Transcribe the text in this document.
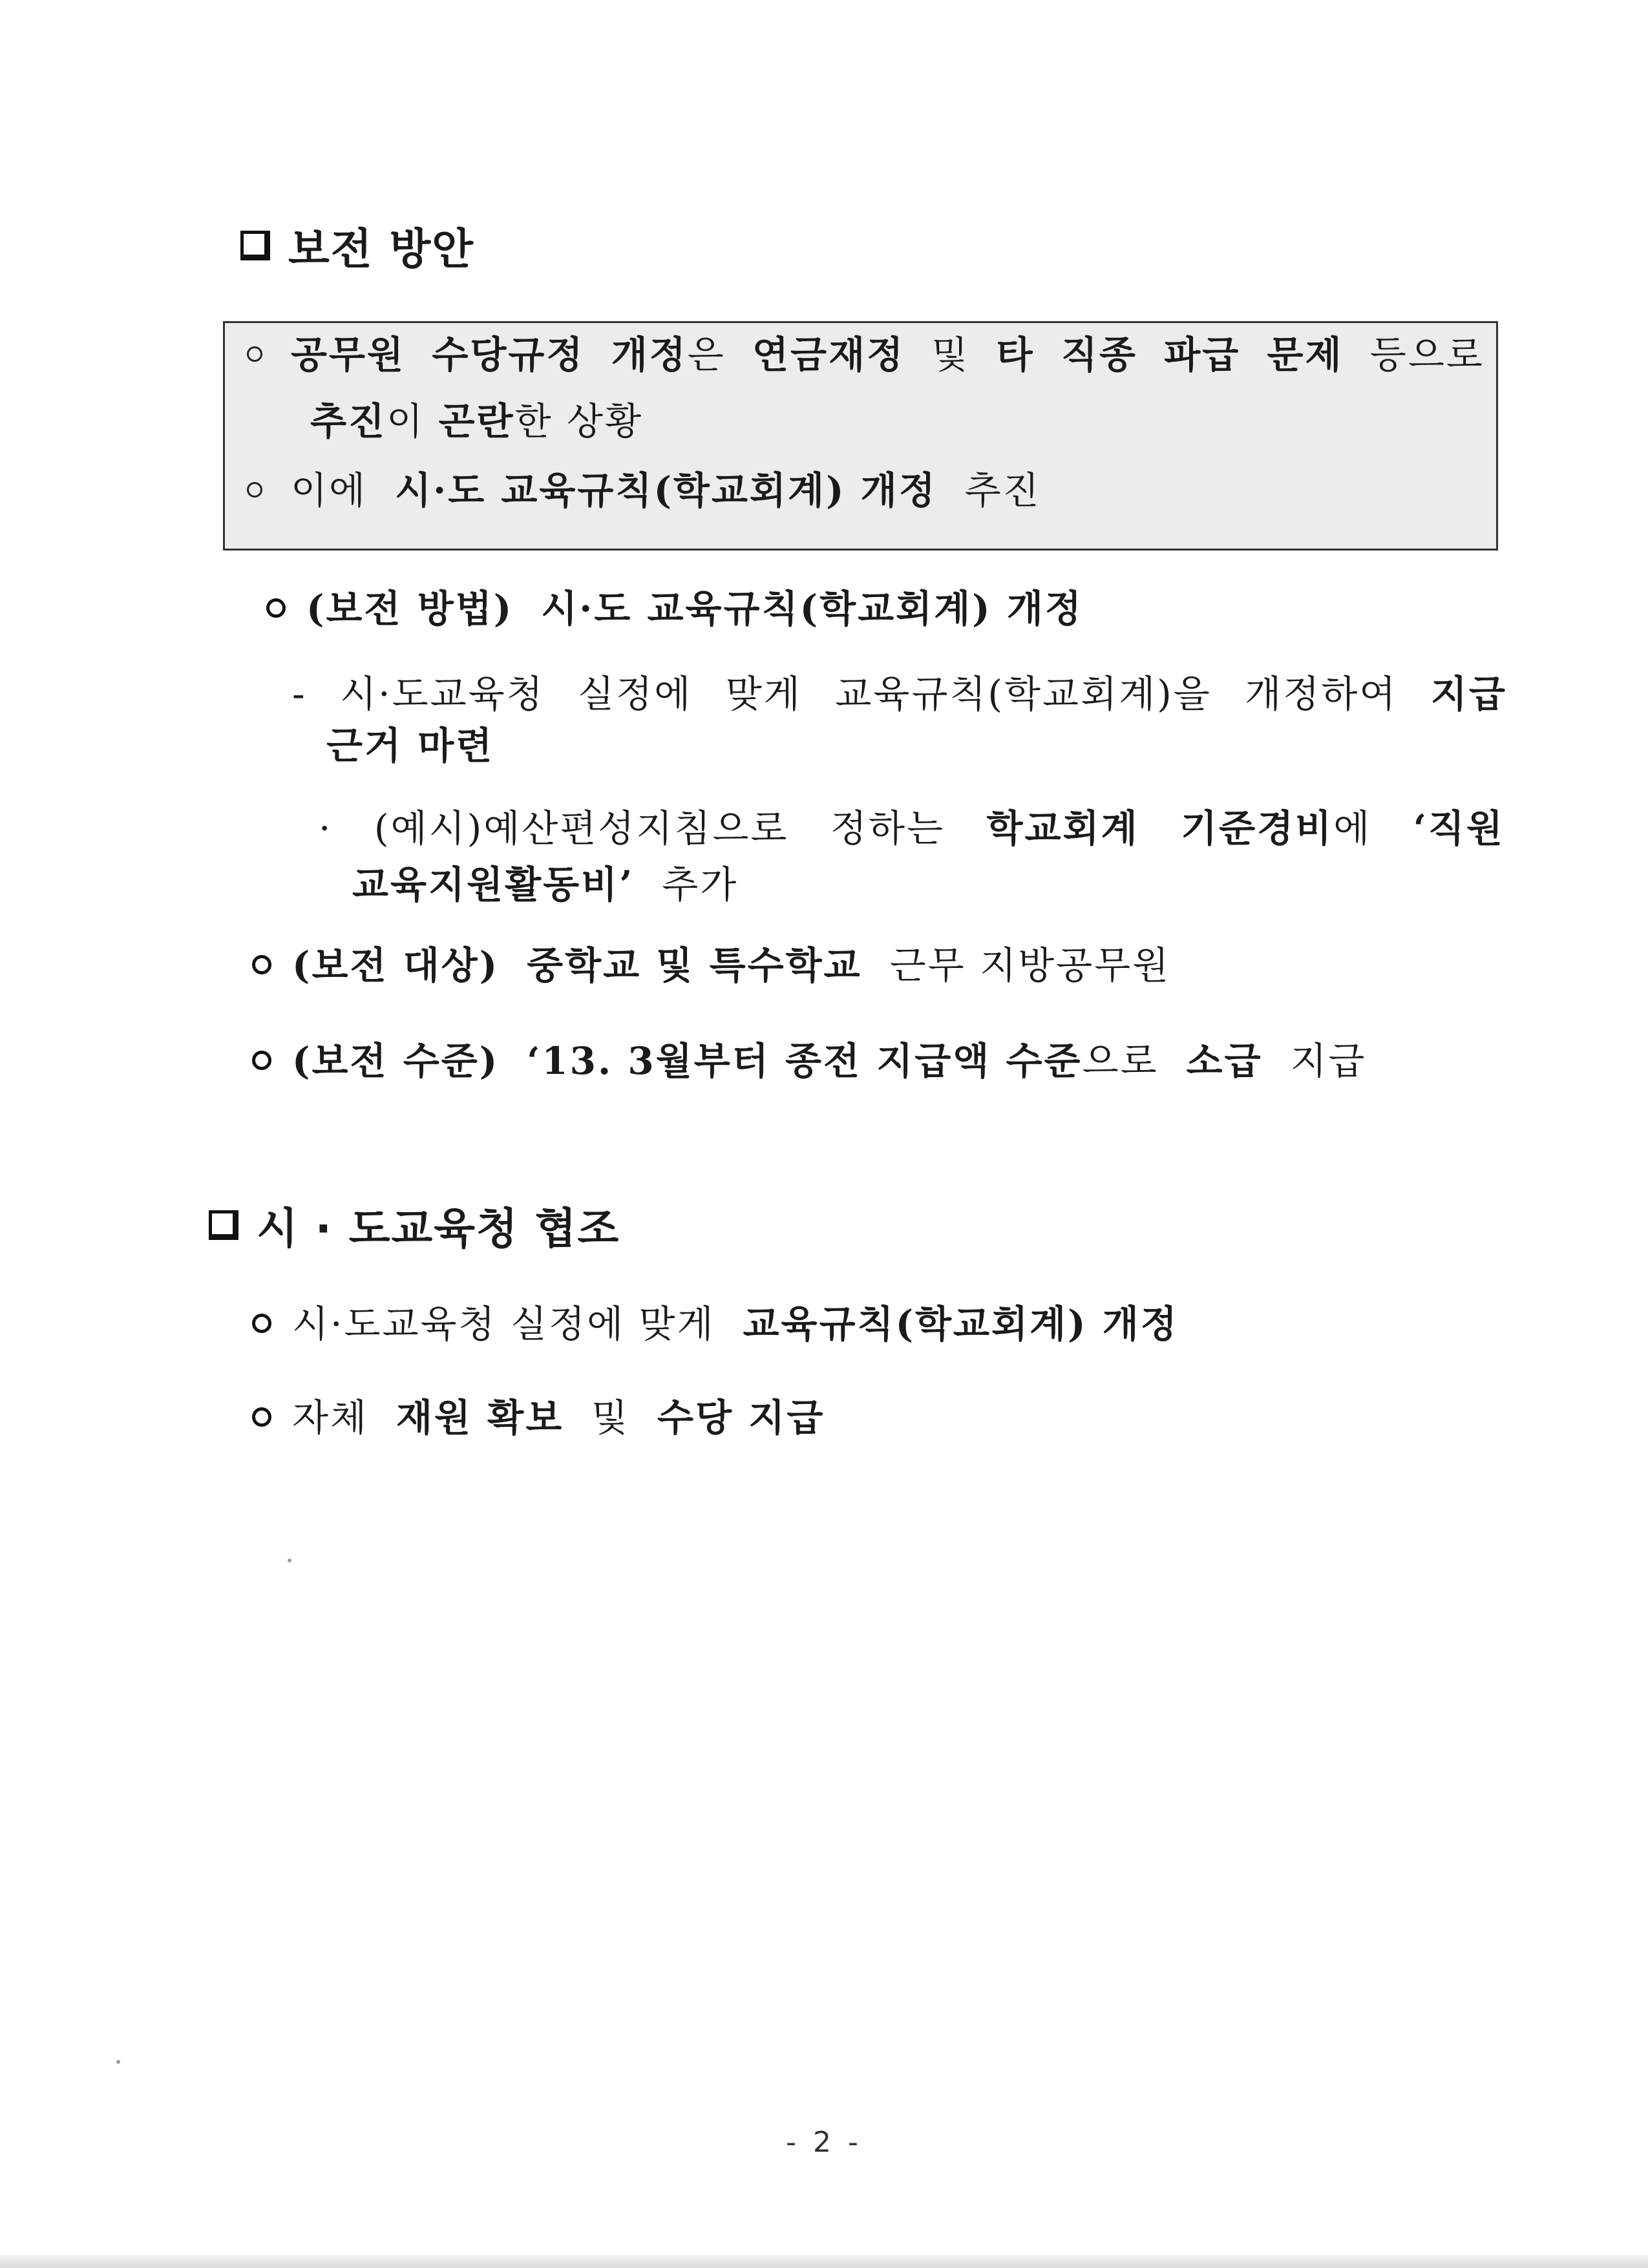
보전 방안
공무원 수당규정 개정은 연금재정 및 타 직종 파급 문제 등으로
추진이 곤란한 상황
이에 시·도 교육규칙(학교회계) 개정 추진
(보전 방법) 시·도 교육규칙(학교회계) 개정
- 시·도교육청 실정에 맞게 교육규칙(학교회계)을 개정하여 지급
근거 마련
· (예시)예산편성지침으로 정하는 학교회계 기준경비에 ‘직원
교육지원활동비’ 추가
(보전 대상) 중학교 및 특수학교 근무 지방공무원
(보전 수준) ‘13. 3월부터 종전 지급액 수준으로 소급 지급
시 · 도교육청 협조
시·도교육청 실정에 맞게 교육규칙(학교회계) 개정
자체 재원 확보 및 수당 지급
- 2 -
